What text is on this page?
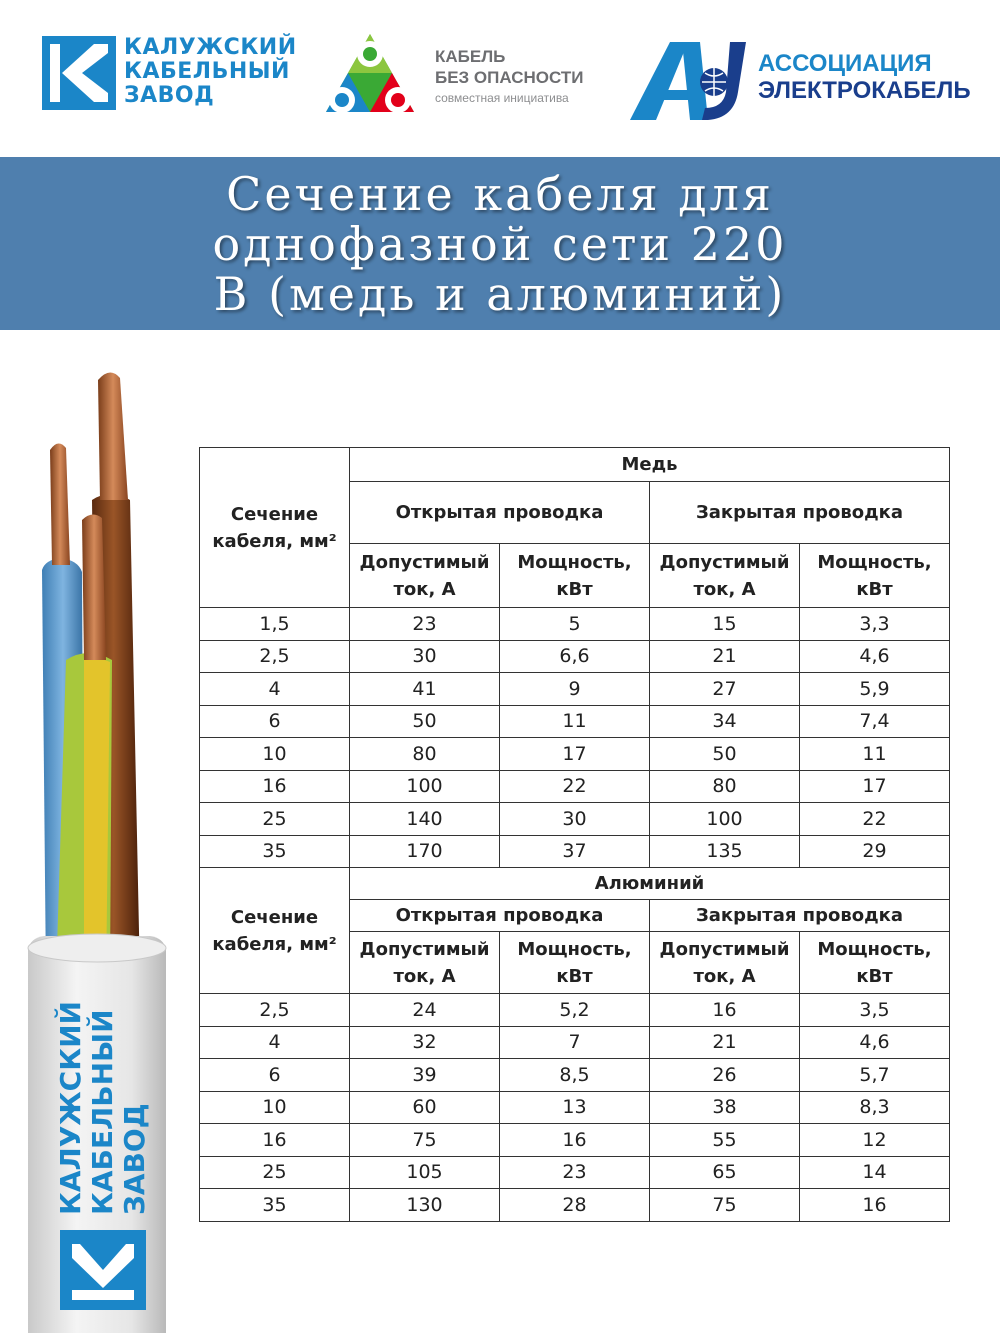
КАЛУЖСКИЙ
КАБЕЛЬНЫЙ
ЗАВОД
КАБЕЛЬ
БЕЗ ОПАСНОСТИ
совместная инициатива
АССОЦИАЦИЯ
ЭЛЕКТРОКАБЕЛЬ
Сечение кабеля для
однофазной сети 220
В (медь и алюминий)
КАЛУЖСКИЙ КАБЕЛЬНЫЙ ЗАВОД
Сечение
кабеля, мм²	Медь			
	Открытая проводка		Закрытая проводка	

	Допустимый
ток, А	Мощность,
кВт	Допустимый
ток, А	Мощность,
кВт

1,5	23	5	15	3,3
2,5	30	6,6	21	4,6
4	41	9	27	5,9
6	50	11	34	7,4
10	80	17	50	11
16	100	22	80	17
25	140	30	100	22
35	170	37	135	29

Сечение
кабеля, мм²	Алюминий			
	Открытая проводка		Закрытая проводка	

	Допустимый
ток, А	Мощность,
кВт	Допустимый
ток, А	Мощность,
кВт

2,5	24	5,2	16	3,5
4	32	7	21	4,6
6	39	8,5	26	5,7
10	60	13	38	8,3
16	75	16	55	12
25	105	23	65	14
35	130	28	75	16
